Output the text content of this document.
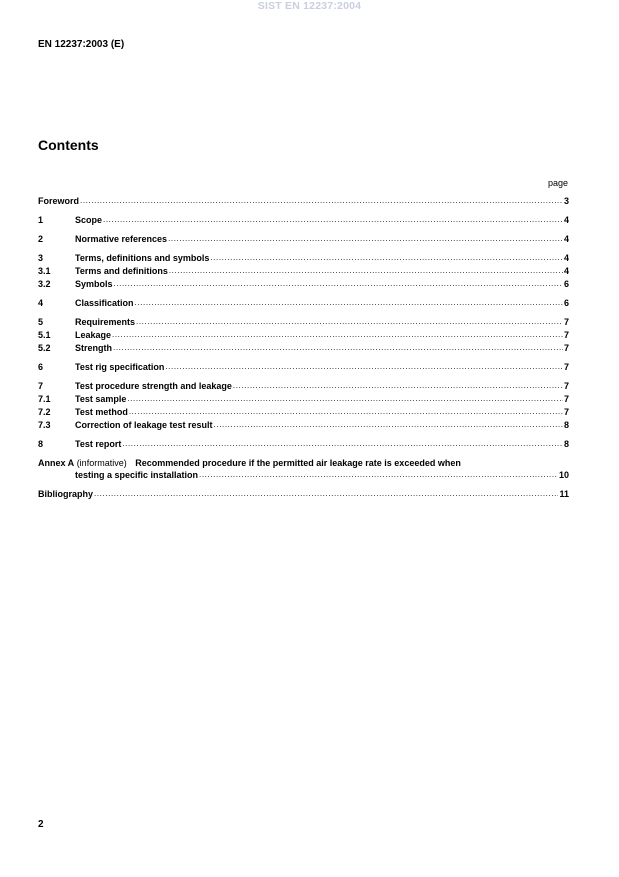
SIST EN 12237:2004
EN 12237:2003 (E)
Contents
page
Foreword .....	3
1	Scope .....	4
2	Normative references .....	4
3	Terms, definitions and symbols .....	4
3.1	Terms and definitions .....	4
3.2	Symbols .....	6
4	Classification .....	6
5	Requirements .....	7
5.1	Leakage .....	7
5.2	Strength .....	7
6	Test rig specification .....	7
7	Test procedure strength and leakage .....	7
7.1	Test sample .....	7
7.2	Test method .....	7
7.3	Correction of leakage test result .....	8
8	Test report .....	8
Annex A (informative) Recommended procedure if the permitted air leakage rate is exceeded when
testing a specific installation .....	10
Bibliography .....	11
2
